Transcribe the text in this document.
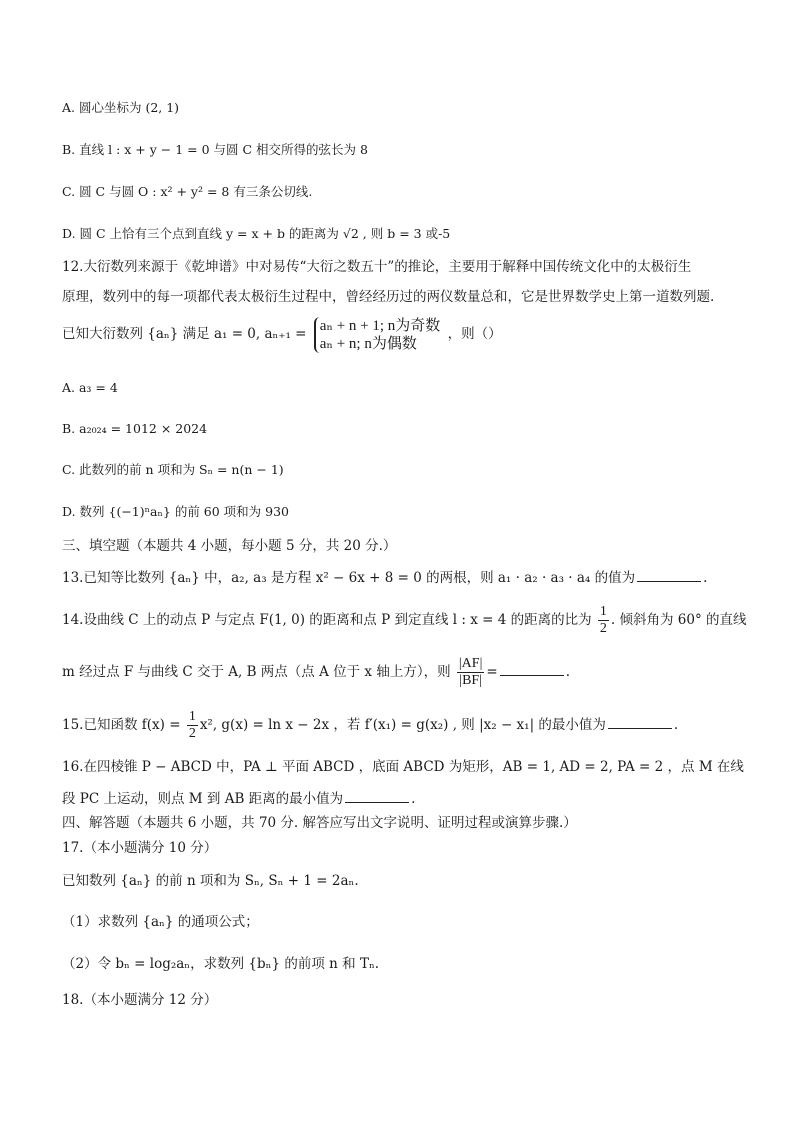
A. 圆心坐标为 (2, 1)
B. 直线 l : x + y − 1 = 0 与圆 C 相交所得的弦长为 8
C. 圆 C 与圆 O : x² + y² = 8 有三条公切线.
D. 圆 C 上恰有三个点到直线 y = x + b 的距离为 √2 , 则 b = 3 或-5
12.大衍数列来源于《乾坤谱》中对易传“大衍之数五十”的推论，主要用于解释中国传统文化中的太极衍生
原理，数列中的每一项都代表太极衍生过程中，曾经经历过的两仪数量总和，它是世界数学史上第一道数列题.
已知大衍数列 {aₙ} 满足 a₁ = 0, aₙ₊₁ =
aₙ + n + 1; n为奇数
aₙ + n; n为偶数
，则（）
A. a₃ = 4
B. a₂₀₂₄ = 1012 × 2024
C. 此数列的前 n 项和为 Sₙ = n(n − 1)
D. 数列 {(−1)ⁿaₙ} 的前 60 项和为 930
三、填空题（本题共 4 小题，每小题 5 分，共 20 分.）
13.已知等比数列 {aₙ} 中，a₂, a₃ 是方程 x² − 6x + 8 = 0 的两根，则 a₁ · a₂ · a₃ · a₄ 的值为	.
14.设曲线 C 上的动点 P 与定点 F(1, 0) 的距离和点 P 到定直线 l : x = 4 的距离的比为 $\frac{1}{2}$ . 倾斜角为 60° 的直线
m 经过点 F 与曲线 C 交于 A, B 两点（点 A 位于 x 轴上方），则 $\frac{|AF|}{|BF|}$ =	.
15.已知函数 $f(x) = \frac{1}{2} x^2$, g(x) = ln x − 2x ，若 f′(x₁) = g(x₂) , 则 |x₂ − x₁| 的最小值为	.
16.在四棱锥 P − ABCD 中，PA ⊥ 平面 ABCD ，底面 ABCD 为矩形，AB = 1, AD = 2, PA = 2 ，点 M 在线
段 PC 上运动，则点 M 到 AB 距离的最小值为	.
四、解答题（本题共 6 小题，共 70 分. 解答应写出文字说明、证明过程或演算步骤.）
17.（本小题满分 10 分）
已知数列 {aₙ} 的前 n 项和为 Sₙ, Sₙ + 1 = 2aₙ.
（1）求数列 {aₙ} 的通项公式；
（2）令 bₙ = log₂aₙ，求数列 {bₙ} 的前项 n 和 Tₙ.
18.（本小题满分 12 分）
